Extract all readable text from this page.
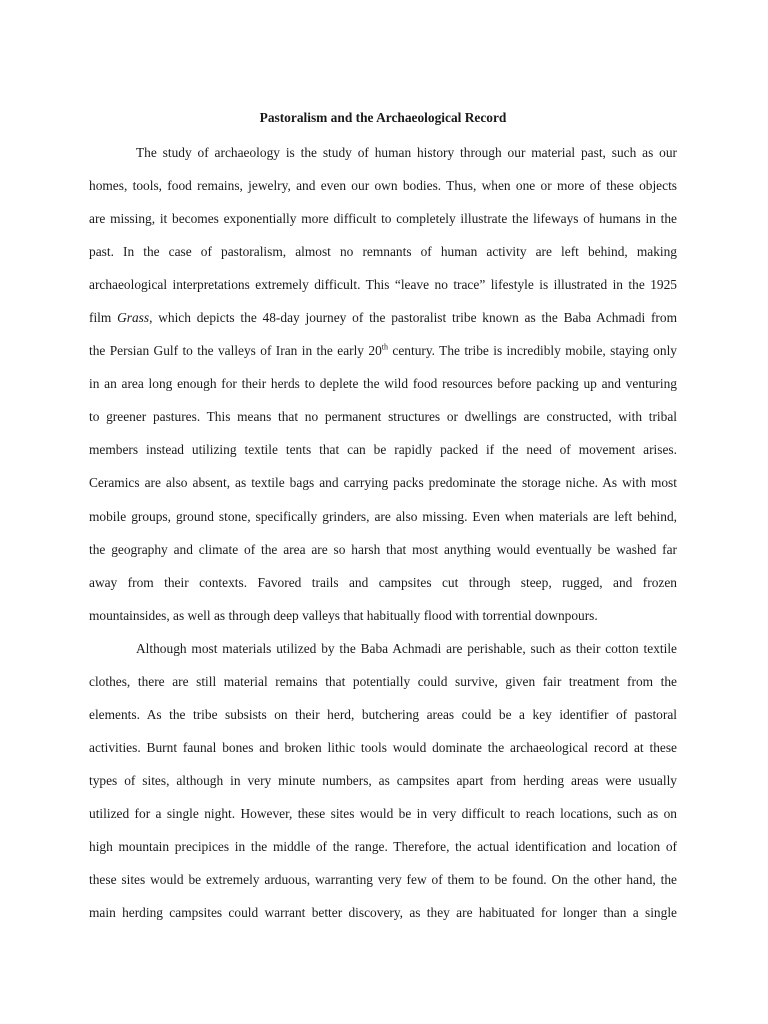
Pastoralism and the Archaeological Record
The study of archaeology is the study of human history through our material past, such as our
homes, tools, food remains, jewelry, and even our own bodies. Thus, when one or more of these objects
are missing, it becomes exponentially more difficult to completely illustrate the lifeways of humans in the
past. In the case of pastoralism, almost no remnants of human activity are left behind, making
archaeological interpretations extremely difficult. This “leave no trace” lifestyle is illustrated in the 1925
film Grass, which depicts the 48-day journey of the pastoralist tribe known as the Baba Achmadi from
the Persian Gulf to the valleys of Iran in the early 20th century. The tribe is incredibly mobile, staying only
in an area long enough for their herds to deplete the wild food resources before packing up and venturing
to greener pastures. This means that no permanent structures or dwellings are constructed, with tribal
members instead utilizing textile tents that can be rapidly packed if the need of movement arises.
Ceramics are also absent, as textile bags and carrying packs predominate the storage niche. As with most
mobile groups, ground stone, specifically grinders, are also missing. Even when materials are left behind,
the geography and climate of the area are so harsh that most anything would eventually be washed far
away from their contexts. Favored trails and campsites cut through steep, rugged, and frozen
mountainsides, as well as through deep valleys that habitually flood with torrential downpours.
Although most materials utilized by the Baba Achmadi are perishable, such as their cotton textile
clothes, there are still material remains that potentially could survive, given fair treatment from the
elements. As the tribe subsists on their herd, butchering areas could be a key identifier of pastoral
activities. Burnt faunal bones and broken lithic tools would dominate the archaeological record at these
types of sites, although in very minute numbers, as campsites apart from herding areas were usually
utilized for a single night. However, these sites would be in very difficult to reach locations, such as on
high mountain precipices in the middle of the range. Therefore, the actual identification and location of
these sites would be extremely arduous, warranting very few of them to be found. On the other hand, the
main herding campsites could warrant better discovery, as they are habituated for longer than a single
